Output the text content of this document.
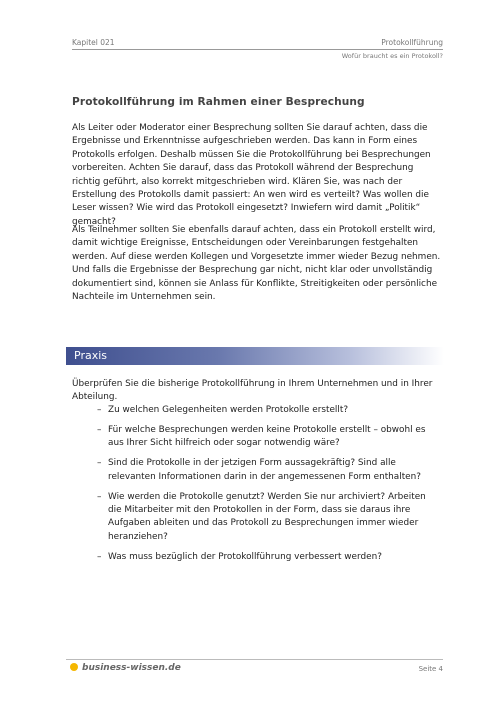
Kapitel 021	Protokollführung
Wofür braucht es ein Protokoll?
Protokollführung im Rahmen einer Besprechung

Als Leiter oder Moderator einer Besprechung sollten Sie darauf achten, dass die Ergebnisse und Erkenntnisse aufgeschrieben werden. Das kann in Form eines Protokolls erfolgen. Deshalb müssen Sie die Protokollführung bei Besprechungen vorbereiten. Achten Sie darauf, dass das Protokoll während der Besprechung richtig geführt, also korrekt mitgeschrieben wird. Klären Sie, was nach der Erstellung des Protokolls damit passiert: An wen wird es verteilt? Was wollen die Leser wissen? Wie wird das Protokoll eingesetzt? Inwiefern wird damit „Politik“ gemacht?

Als Teilnehmer sollten Sie ebenfalls darauf achten, dass ein Protokoll erstellt wird, damit wichtige Ereignisse, Entscheidungen oder Vereinbarungen festgehalten werden. Auf diese werden Kollegen und Vorgesetzte immer wieder Bezug nehmen. Und falls die Ergebnisse der Besprechung gar nicht, nicht klar oder unvollständig dokumentiert sind, können sie Anlass für Konflikte, Streitigkeiten oder persönliche Nachteile im Unternehmen sein.

Praxis

Überprüfen Sie die bisherige Protokollführung in Ihrem Unternehmen und in Ihrer Abteilung.

– Zu welchen Gelegenheiten werden Protokolle erstellt?
– Für welche Besprechungen werden keine Protokolle erstellt – obwohl es aus Ihrer Sicht hilfreich oder sogar notwendig wäre?
– Sind die Protokolle in der jetzigen Form aussagekräftig? Sind alle relevanten Informationen darin in der angemessenen Form enthalten?
– Wie werden die Protokolle genutzt? Werden Sie nur archiviert? Arbeiten die Mitarbeiter mit den Protokollen in der Form, dass sie daraus ihre Aufgaben ableiten und das Protokoll zu Besprechungen immer wieder heranziehen?
– Was muss bezüglich der Protokollführung verbessert werden?
business-wissen.de	Seite 4
